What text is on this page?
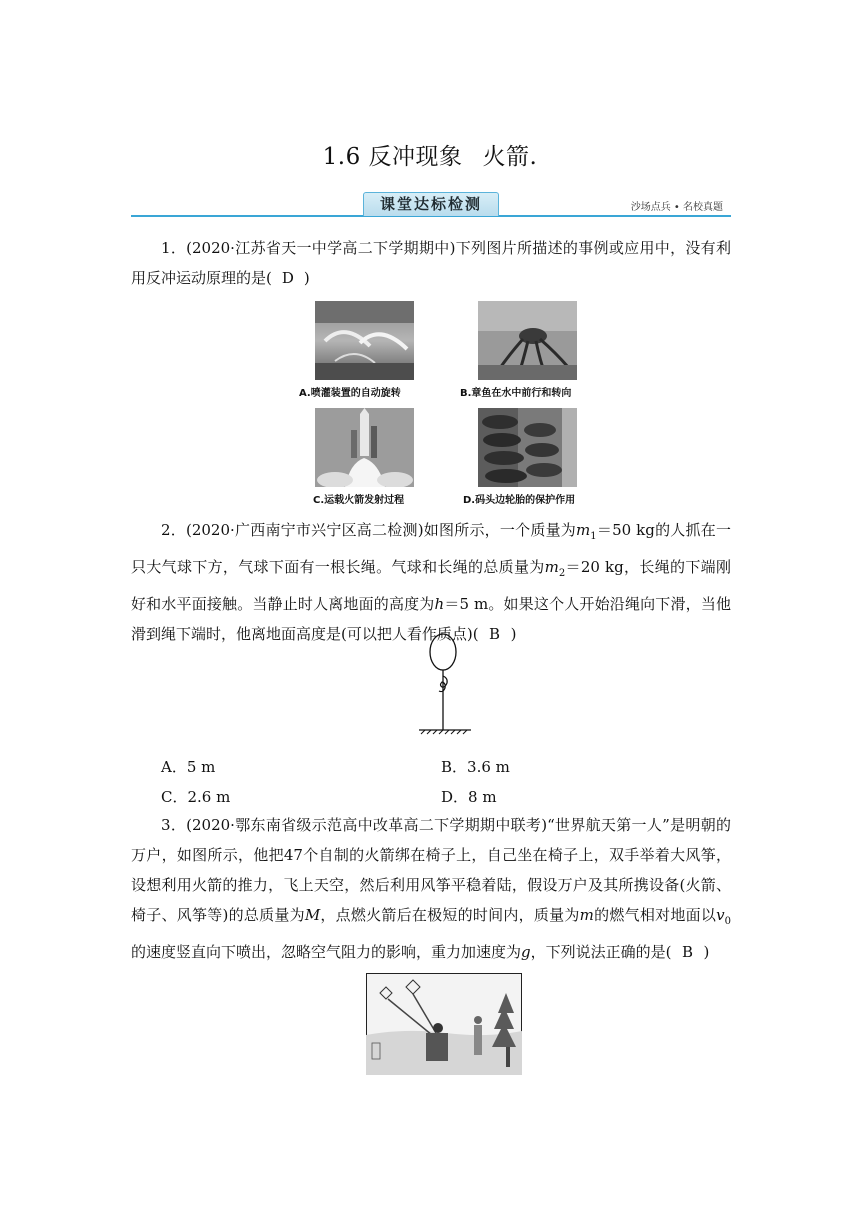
1.6 反冲现象 火箭.
课堂达标检测	沙场点兵 • 名校真题
1．(2020·江苏省天一中学高二下学期期中)下列图片所描述的事例或应用中，没有利用反冲运动原理的是( D )
A.喷灌装置的自动旋转	B.章鱼在水中前行和转向
C.运载火箭发射过程	D.码头边轮胎的保护作用
2．(2020·广西南宁市兴宁区高二检测)如图所示，一个质量为$m_1=50$ kg的人抓在一只大气球下方，气球下面有一根长绳。气球和长绳的总质量为$m_2=20$ kg，长绳的下端刚好和水平面接触。当静止时人离地面的高度为h＝5 m。如果这个人开始沿绳向下滑，当他滑到绳下端时，他离地面高度是(可以把人看作质点)( B )
A．5 m	B．3.6 m
C．2.6 m	D．8 m
3．(2020·鄂东南省级示范高中改革高二下学期期中联考)“世界航天第一人”是明朝的万户，如图所示，他把47个自制的火箭绑在椅子上，自己坐在椅子上，双手举着大风筝，设想利用火箭的推力，飞上天空，然后利用风筝平稳着陆，假设万户及其所携设备(火箭、椅子、风筝等)的总质量为M，点燃火箭后在极短的时间内，质量为m的燃气相对地面以$v_0$的速度竖直向下喷出，忽略空气阻力的影响，重力加速度为g，下列说法正确的是( B )
